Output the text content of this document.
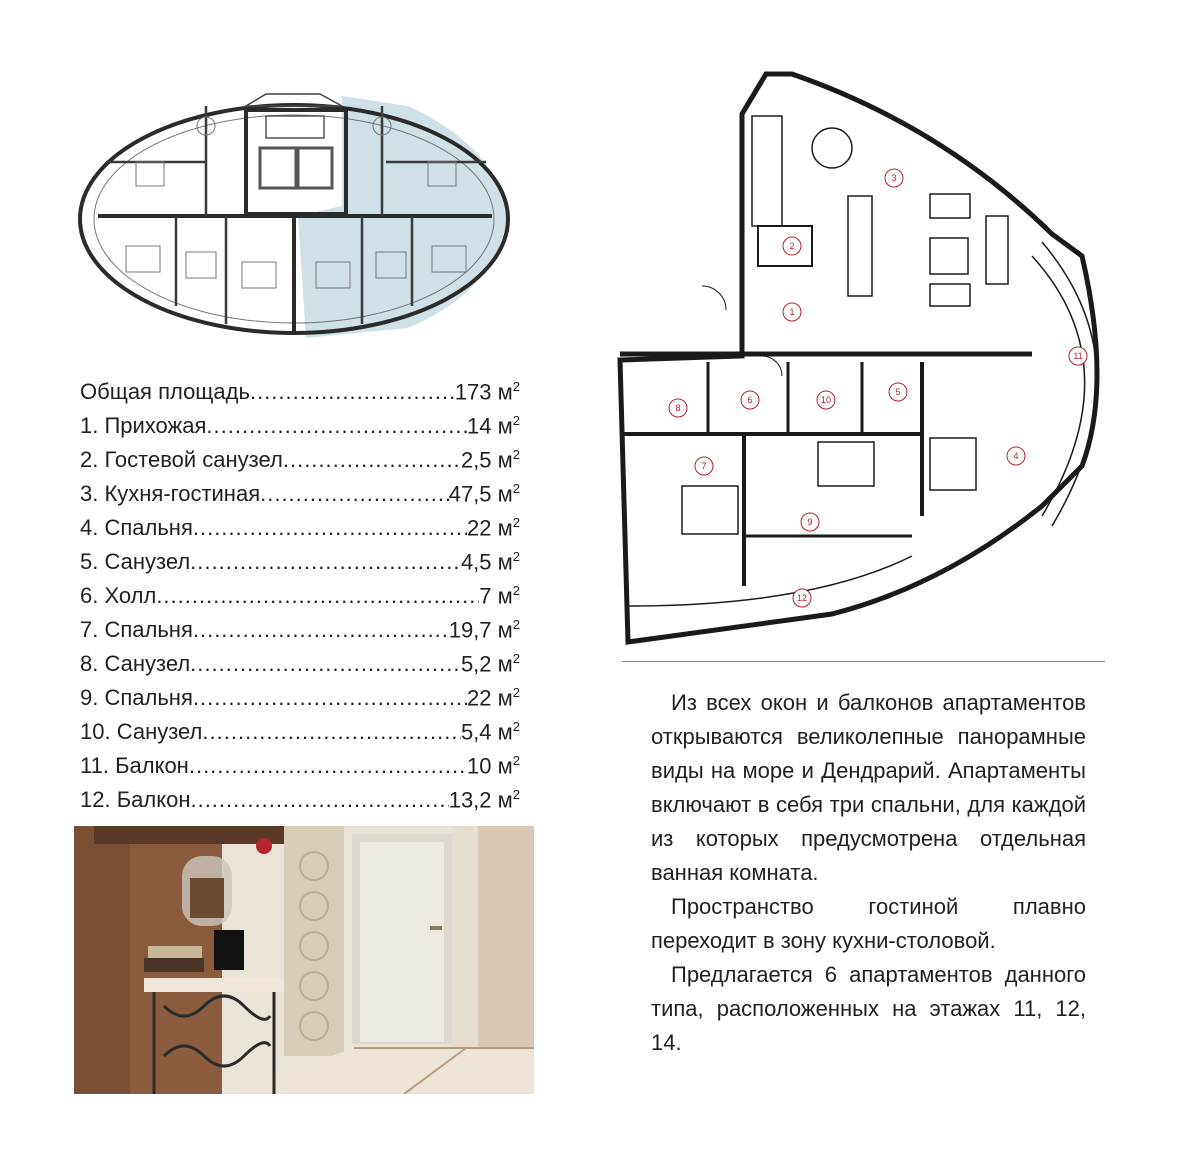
Общая площадь .....	173 $м^2$
1. Прихожая .....	14 $м^2$
2. Гостевой санузел .....	2,5 $м^2$
3. Кухня-гостиная .....	47,5 $м^2$
4. Спальня .....	22 $м^2$
5. Санузел .....	4,5 $м^2$
6. Холл .....	7 $м^2$
7. Спальня .....	19,7 $м^2$
8. Санузел .....	5,2 $м^2$
9. Спальня .....	22 $м^2$
10. Санузел .....	5,4 $м^2$
11. Балкон .....	10 $м^2$
12. Балкон .....	13,2 $м^2$
1
2
3
4
5
6
7
8
9
10
11
12

Из всех окон и балконов апартаментов открываются великолепные панорамные виды на море и Дендрарий. Апартаменты включают в себя три спальни, для каждой из которых предусмотрена отдельная ванная комната.

Пространство гостиной плавно переходит в зону кухни-столовой.

Предлагается 6 апартаментов данного типа, расположенных на этажах 11, 12, 14.
